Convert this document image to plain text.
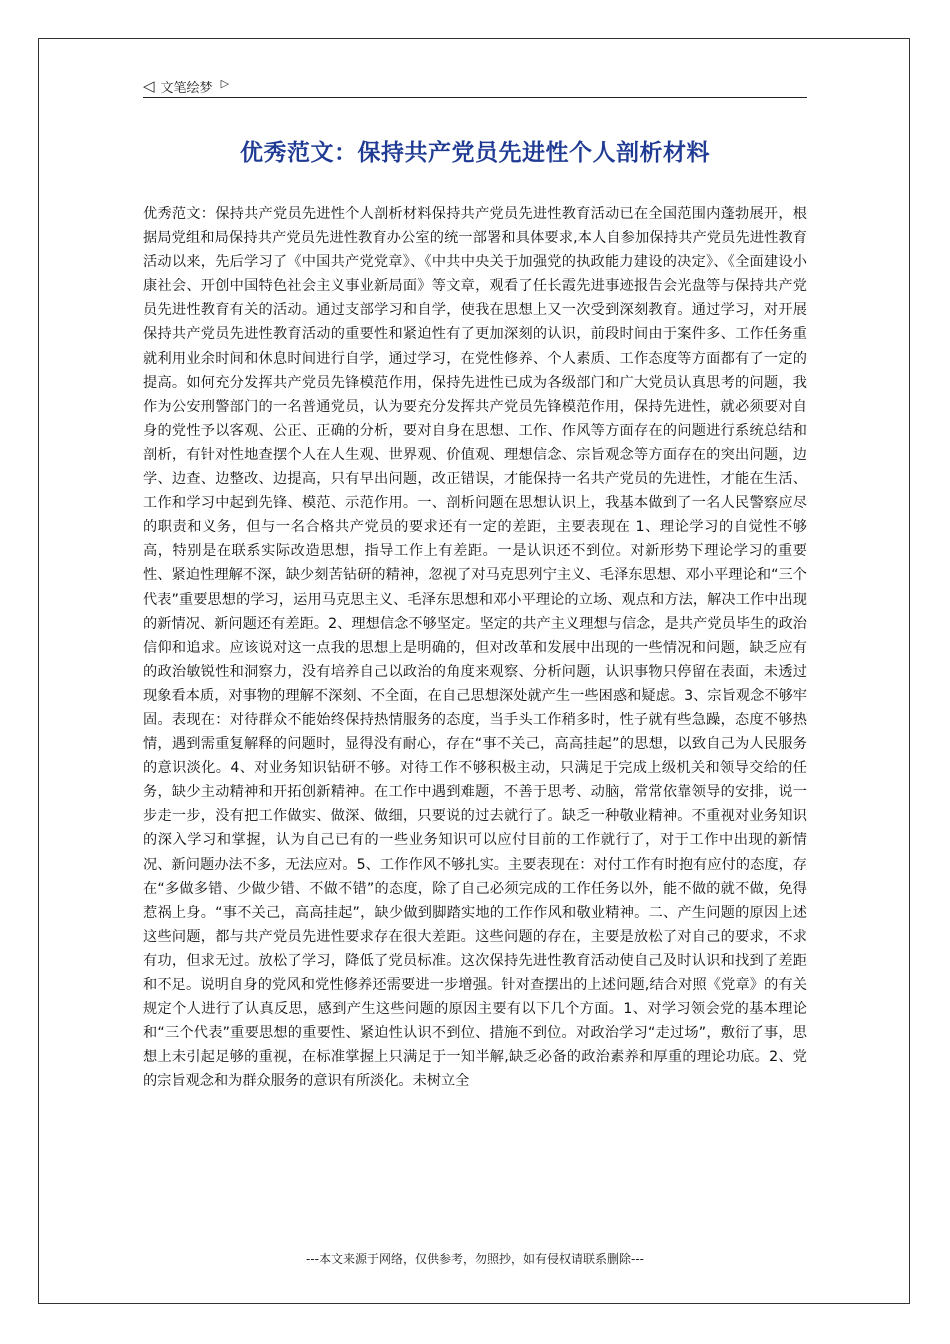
◁ 文笔绘梦 ▷
优秀范文：保持共产党员先进性个人剖析材料

优秀范文：保持共产党员先进性个人剖析材料保持共产党员先进性教育活动已在全国范围内蓬勃展开，根据局党组和局保持共产党员先进性教育办公室的统一部署和具体要求,本人自参加保持共产党员先进性教育活动以来，先后学习了《中国共产党党章》、《中共中央关于加强党的执政能力建设的决定》、《全面建设小康社会、开创中国特色社会主义事业新局面》等文章，观看了任长霞先进事迹报告会光盘等与保持共产党员先进性教育有关的活动。通过支部学习和自学，使我在思想上又一次受到深刻教育。通过学习，对开展保持共产党员先进性教育活动的重要性和紧迫性有了更加深刻的认识，前段时间由于案件多、工作任务重就利用业余时间和休息时间进行自学，通过学习，在党性修养、个人素质、工作态度等方面都有了一定的提高。如何充分发挥共产党员先锋模范作用，保持先进性已成为各级部门和广大党员认真思考的问题，我作为公安刑警部门的一名普通党员，认为要充分发挥共产党员先锋模范作用，保持先进性，就必须要对自身的党性予以客观、公正、正确的分析，要对自身在思想、工作、作风等方面存在的问题进行系统总结和剖析，有针对性地查摆个人在人生观、世界观、价值观、理想信念、宗旨观念等方面存在的突出问题，边学、边查、边整改、边提高，只有早出问题，改正错误，才能保持一名共产党员的先进性，才能在生活、工作和学习中起到先锋、模范、示范作用。一、剖析问题在思想认识上，我基本做到了一名人民警察应尽的职责和义务，但与一名合格共产党员的要求还有一定的差距，主要表现在 1、理论学习的自觉性不够高，特别是在联系实际改造思想，指导工作上有差距。一是认识还不到位。对新形势下理论学习的重要性、紧迫性理解不深，缺少刻苦钻研的精神，忽视了对马克思列宁主义、毛泽东思想、邓小平理论和“三个代表”重要思想的学习，运用马克思主义、毛泽东思想和邓小平理论的立场、观点和方法，解决工作中出现的新情况、新问题还有差距。2、理想信念不够坚定。坚定的共产主义理想与信念，是共产党员毕生的政治信仰和追求。应该说对这一点我的思想上是明确的，但对改革和发展中出现的一些情况和问题，缺乏应有的政治敏锐性和洞察力，没有培养自己以政治的角度来观察、分析问题，认识事物只停留在表面，未透过现象看本质，对事物的理解不深刻、不全面，在自己思想深处就产生一些困惑和疑虑。3、宗旨观念不够牢固。表现在：对待群众不能始终保持热情服务的态度，当手头工作稍多时，性子就有些急躁，态度不够热情，遇到需重复解释的问题时，显得没有耐心，存在“事不关己，高高挂起”的思想，以致自己为人民服务的意识淡化。4、对业务知识钻研不够。对待工作不够积极主动，只满足于完成上级机关和领导交给的任务，缺少主动精神和开拓创新精神。在工作中遇到难题，不善于思考、动脑，常常依靠领导的安排，说一步走一步，没有把工作做实、做深、做细，只要说的过去就行了。缺乏一种敬业精神。不重视对业务知识的深入学习和掌握，认为自己已有的一些业务知识可以应付目前的工作就行了，对于工作中出现的新情况、新问题办法不多，无法应对。5、工作作风不够扎实。主要表现在：对付工作有时抱有应付的态度，存在“多做多错、少做少错、不做不错”的态度，除了自己必须完成的工作任务以外，能不做的就不做，免得惹祸上身。“事不关己，高高挂起”，缺少做到脚踏实地的工作作风和敬业精神。二、产生问题的原因上述这些问题，都与共产党员先进性要求存在很大差距。这些问题的存在，主要是放松了对自己的要求，不求有功，但求无过。放松了学习，降低了党员标准。这次保持先进性教育活动使自己及时认识和找到了差距和不足。说明自身的党风和党性修养还需要进一步增强。针对查摆出的上述问题,结合对照《党章》的有关规定个人进行了认真反思，感到产生这些问题的原因主要有以下几个方面。1、对学习领会党的基本理论和“三个代表”重要思想的重要性、紧迫性认识不到位、措施不到位。对政治学习“走过场”，敷衍了事，思想上未引起足够的重视，在标准掌握上只满足于一知半解,缺乏必备的政治素养和厚重的理论功底。2、党的宗旨观念和为群众服务的意识有所淡化。未树立全

---本文来源于网络，仅供参考，勿照抄，如有侵权请联系删除---
